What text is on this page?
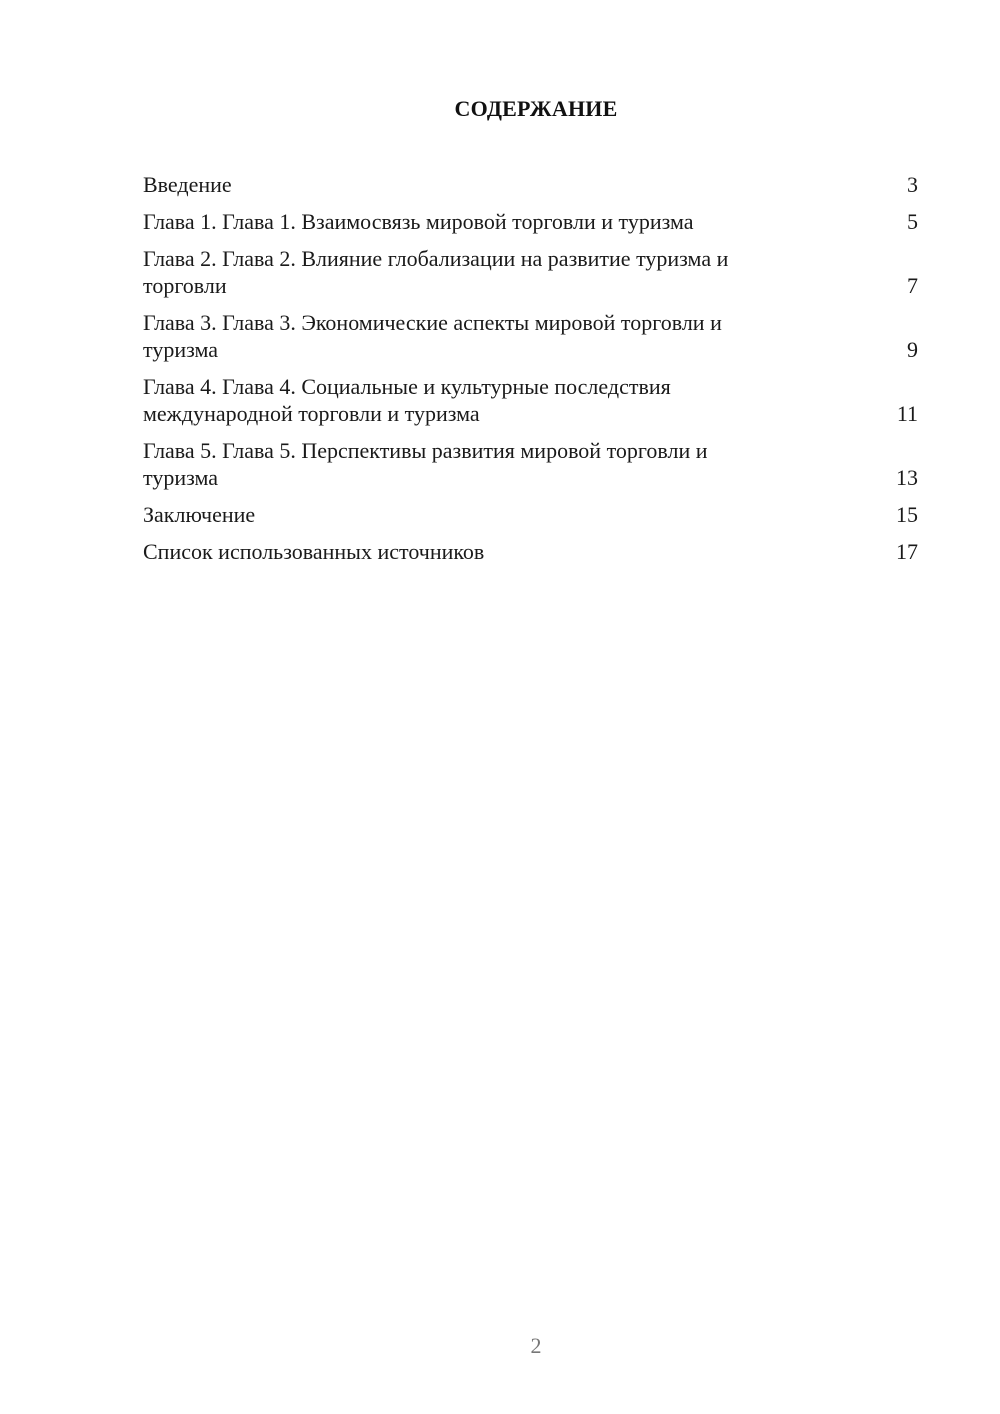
СОДЕРЖАНИЕ
Введение	3
Глава 1. Глава 1. Взаимосвязь мировой торговли и туризма	5
Глава 2. Глава 2. Влияние глобализации на развитие туризма и
торговли	7
Глава 3. Глава 3. Экономические аспекты мировой торговли и
туризма	9
Глава 4. Глава 4. Социальные и культурные последствия
международной торговли и туризма	11
Глава 5. Глава 5. Перспективы развития мировой торговли и
туризма	13
Заключение	15
Список использованных источников	17
2
